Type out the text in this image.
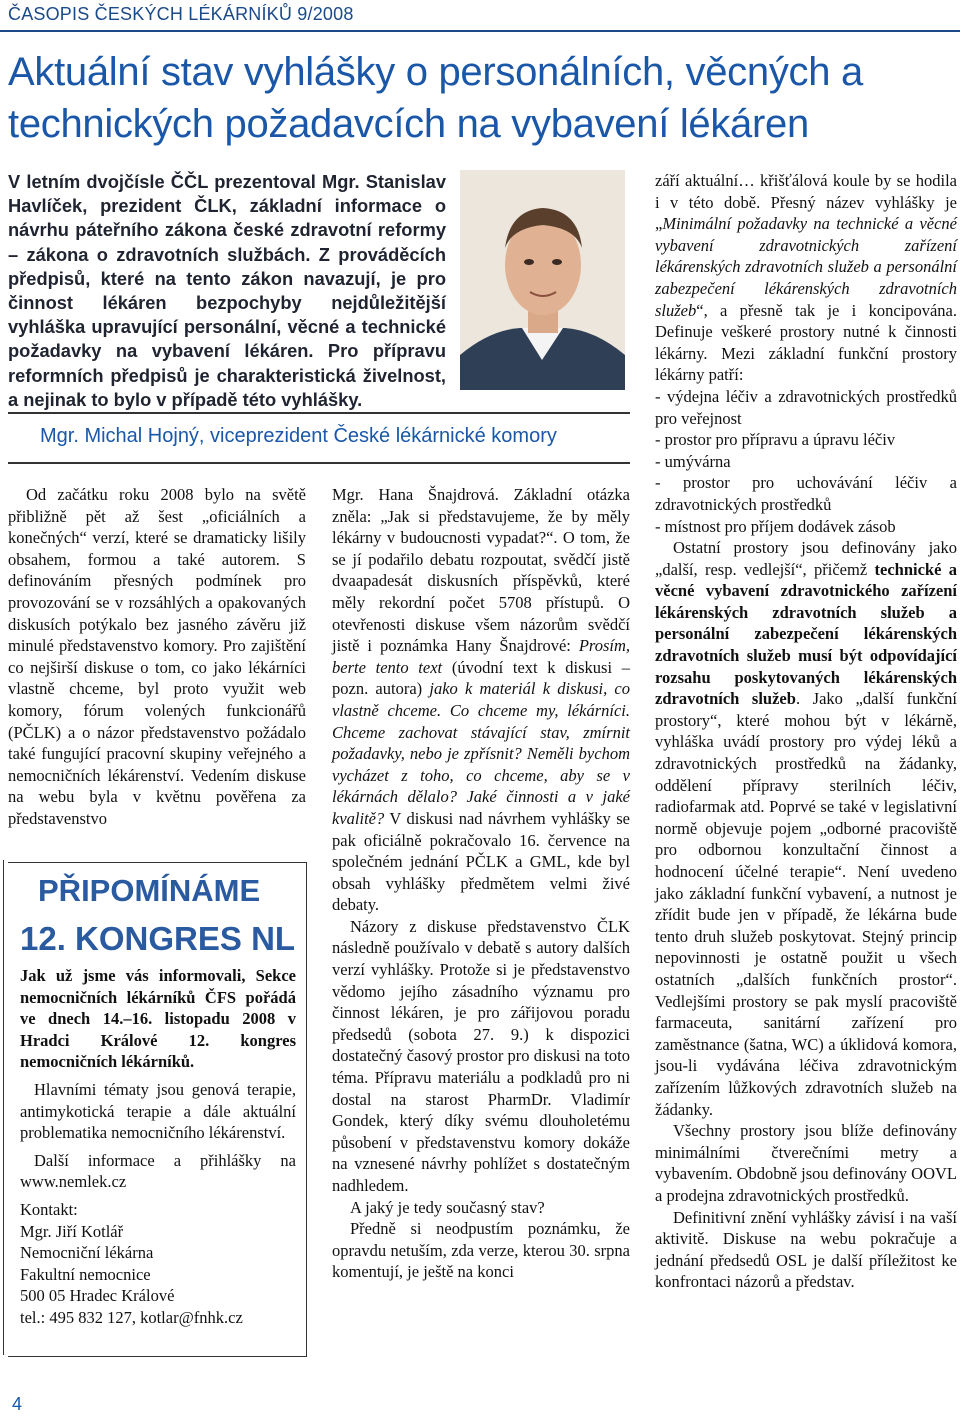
ČASOPIS ČESKÝCH LÉKÁRNÍKŮ 9/2008
Aktuální stav vyhlášky o personálních, věcných a technických požadavcích na vybavení lékáren
V letním dvojčísle ČČL prezentoval Mgr. Stanislav Havlíček, prezident ČLK, základní informace o návrhu páteřního zákona české zdravotní reformy – zákona o zdravotních službách. Z prováděcích předpisů, které na tento zákon navazují, je pro činnost lékáren bezpochyby nejdůležitější vyhláška upravující personální, věcné a technické požadavky na vybavení lékáren. Pro přípravu reformních předpisů je charakteristická živelnost, a nejinak to bylo v případě této vyhlášky.
Mgr. Michal Hojný, viceprezident České lékárnické komory

Od začátku roku 2008 bylo na světě přibližně pět až šest „oficiálních a konečných“ verzí, které se dramaticky lišily obsahem, formou a také autorem. S definováním přesných podmínek pro provozování se v rozsáhlých a opakovaných diskusích potýkalo bez jasného závěru již minulé představenstvo komory. Pro zajištění co nejširší diskuse o tom, co jako lékárníci vlastně chceme, byl proto využit web komory, fórum volených funkcionářů (PČLK) a o názor představenstvo požádalo také fungující pracovní skupiny veřejného a nemocničních lékárenství. Vedením diskuse na webu byla v květnu pověřena za představenstvo

Mgr. Hana Šnajdrová. Základní otázka zněla: „Jak si představujeme, že by měly lékárny v budoucnosti vypadat?“. O tom, že se jí podařilo debatu rozpoutat, svědčí jistě dvaapadesát diskusních příspěvků, které měly rekordní počet 5708 přístupů. O otevřenosti diskuse všem názorům svědčí jistě i poznámka Hany Šnajdrové: Prosím, berte tento text (úvodní text k diskusi – pozn. autora) jako k materiál k diskusi, co vlastně chceme. Co chceme my, lékárníci. Chceme zachovat stávající stav, zmírnit požadavky, nebo je zpřísnit? Neměli bychom vycházet z toho, co chceme, aby se v lékárnách dělalo? Jaké činnosti a v jaké kvalitě? V diskusi nad návrhem vyhlášky se pak oficiálně pokračovalo 16. července na společném jednání PČLK a GML, kde byl obsah vyhlášky předmětem velmi živé debaty.

Názory z diskuse představenstvo ČLK následně používalo v debatě s autory dalších verzí vyhlášky. Protože si je představenstvo vědomo jejího zásadního významu pro činnost lékáren, je pro zářijovou poradu předsedů (sobota 27. 9.) k dispozici dostatečný časový prostor pro diskusi na toto téma. Přípravu materiálu a podkladů pro ni dostal na starost PharmDr. Vladimír Gondek, který díky svému dlouholetému působení v představenstvu komory dokáže na vznesené návrhy pohlížet s dostatečným nadhledem.

A jaký je tedy současný stav?

Předně si neodpustím poznámku, že opravdu netuším, zda verze, kterou 30. srpna komentují, je ještě na konci

září aktuální… křišťálová koule by se hodila i v této době. Přesný název vyhlášky je „Minimální požadavky na technické a věcné vybavení zdravotnických zařízení lékárenských zdravotních služeb a personální zabezpečení lékárenských zdravotních služeb“, a přesně tak je i koncipována. Definuje veškeré prostory nutné k činnosti lékárny. Mezi základní funkční prostory lékárny patří:

- výdejna léčiv a zdravotnických prostředků pro veřejnost
- prostor pro přípravu a úpravu léčiv
- umývárna
- prostor pro uchovávání léčiv a zdravotnických prostředků
- místnost pro příjem dodávek zásob

Ostatní prostory jsou definovány jako „další, resp. vedlejší“, přičemž technické a věcné vybavení zdravotnického zařízení lékárenských zdravotních služeb a personální zabezpečení lékárenských zdravotních služeb musí být odpovídající rozsahu poskytovaných lékárenských zdravotních služeb. Jako „další funkční prostory“, které mohou být v lékárně, vyhláška uvádí prostory pro výdej léků a zdravotnických prostředků na žádanky, oddělení přípravy sterilních léčiv, radiofarmak atd. Poprvé se také v legislativní normě objevuje pojem „odborné pracoviště pro odbornou konzultační činnost a hodnocení účelné terapie“. Není uvedeno jako základní funkční vybavení, a nutnost je zřídit bude jen v případě, že lékárna bude tento druh služeb poskytovat. Stejný princip nepovinnosti je ostatně použit u všech ostatních „dalších funkčních prostor“. Vedlejšími prostory se pak myslí pracoviště farmaceuta, sanitární zařízení pro zaměstnance (šatna, WC) a úklidová komora, jsou-li vydávána léčiva zdravotnickým zařízením lůžkových zdravotních služeb na žádanky.

Všechny prostory jsou blíže definovány minimálními čtverečními metry a vybavením. Obdobně jsou definovány OOVL a prodejna zdravotnických prostředků.

Definitivní znění vyhlášky závisí i na vaší aktivitě. Diskuse na webu pokračuje a jednání předsedů OSL je další příležitost ke konfrontaci názorů a představ.

PŘIPOMÍNÁME
12. KONGRES NL

Jak už jsme vás informovali, Sekce nemocničních lékárníků ČFS pořádá ve dnech 14.–16. listopadu 2008 v Hradci Králové 12. kongres nemocničních lékárníků.

Hlavními tématy jsou genová terapie, antimykotická terapie a dále aktuální problematika nemocničního lékárenství.

Další informace a přihlášky na www.nemlek.cz

Kontakt:
Mgr. Jiří Kotlář
Nemocniční lékárna
Fakultní nemocnice
500 05 Hradec Králové
tel.: 495 832 127, kotlar@fnhk.cz
4
